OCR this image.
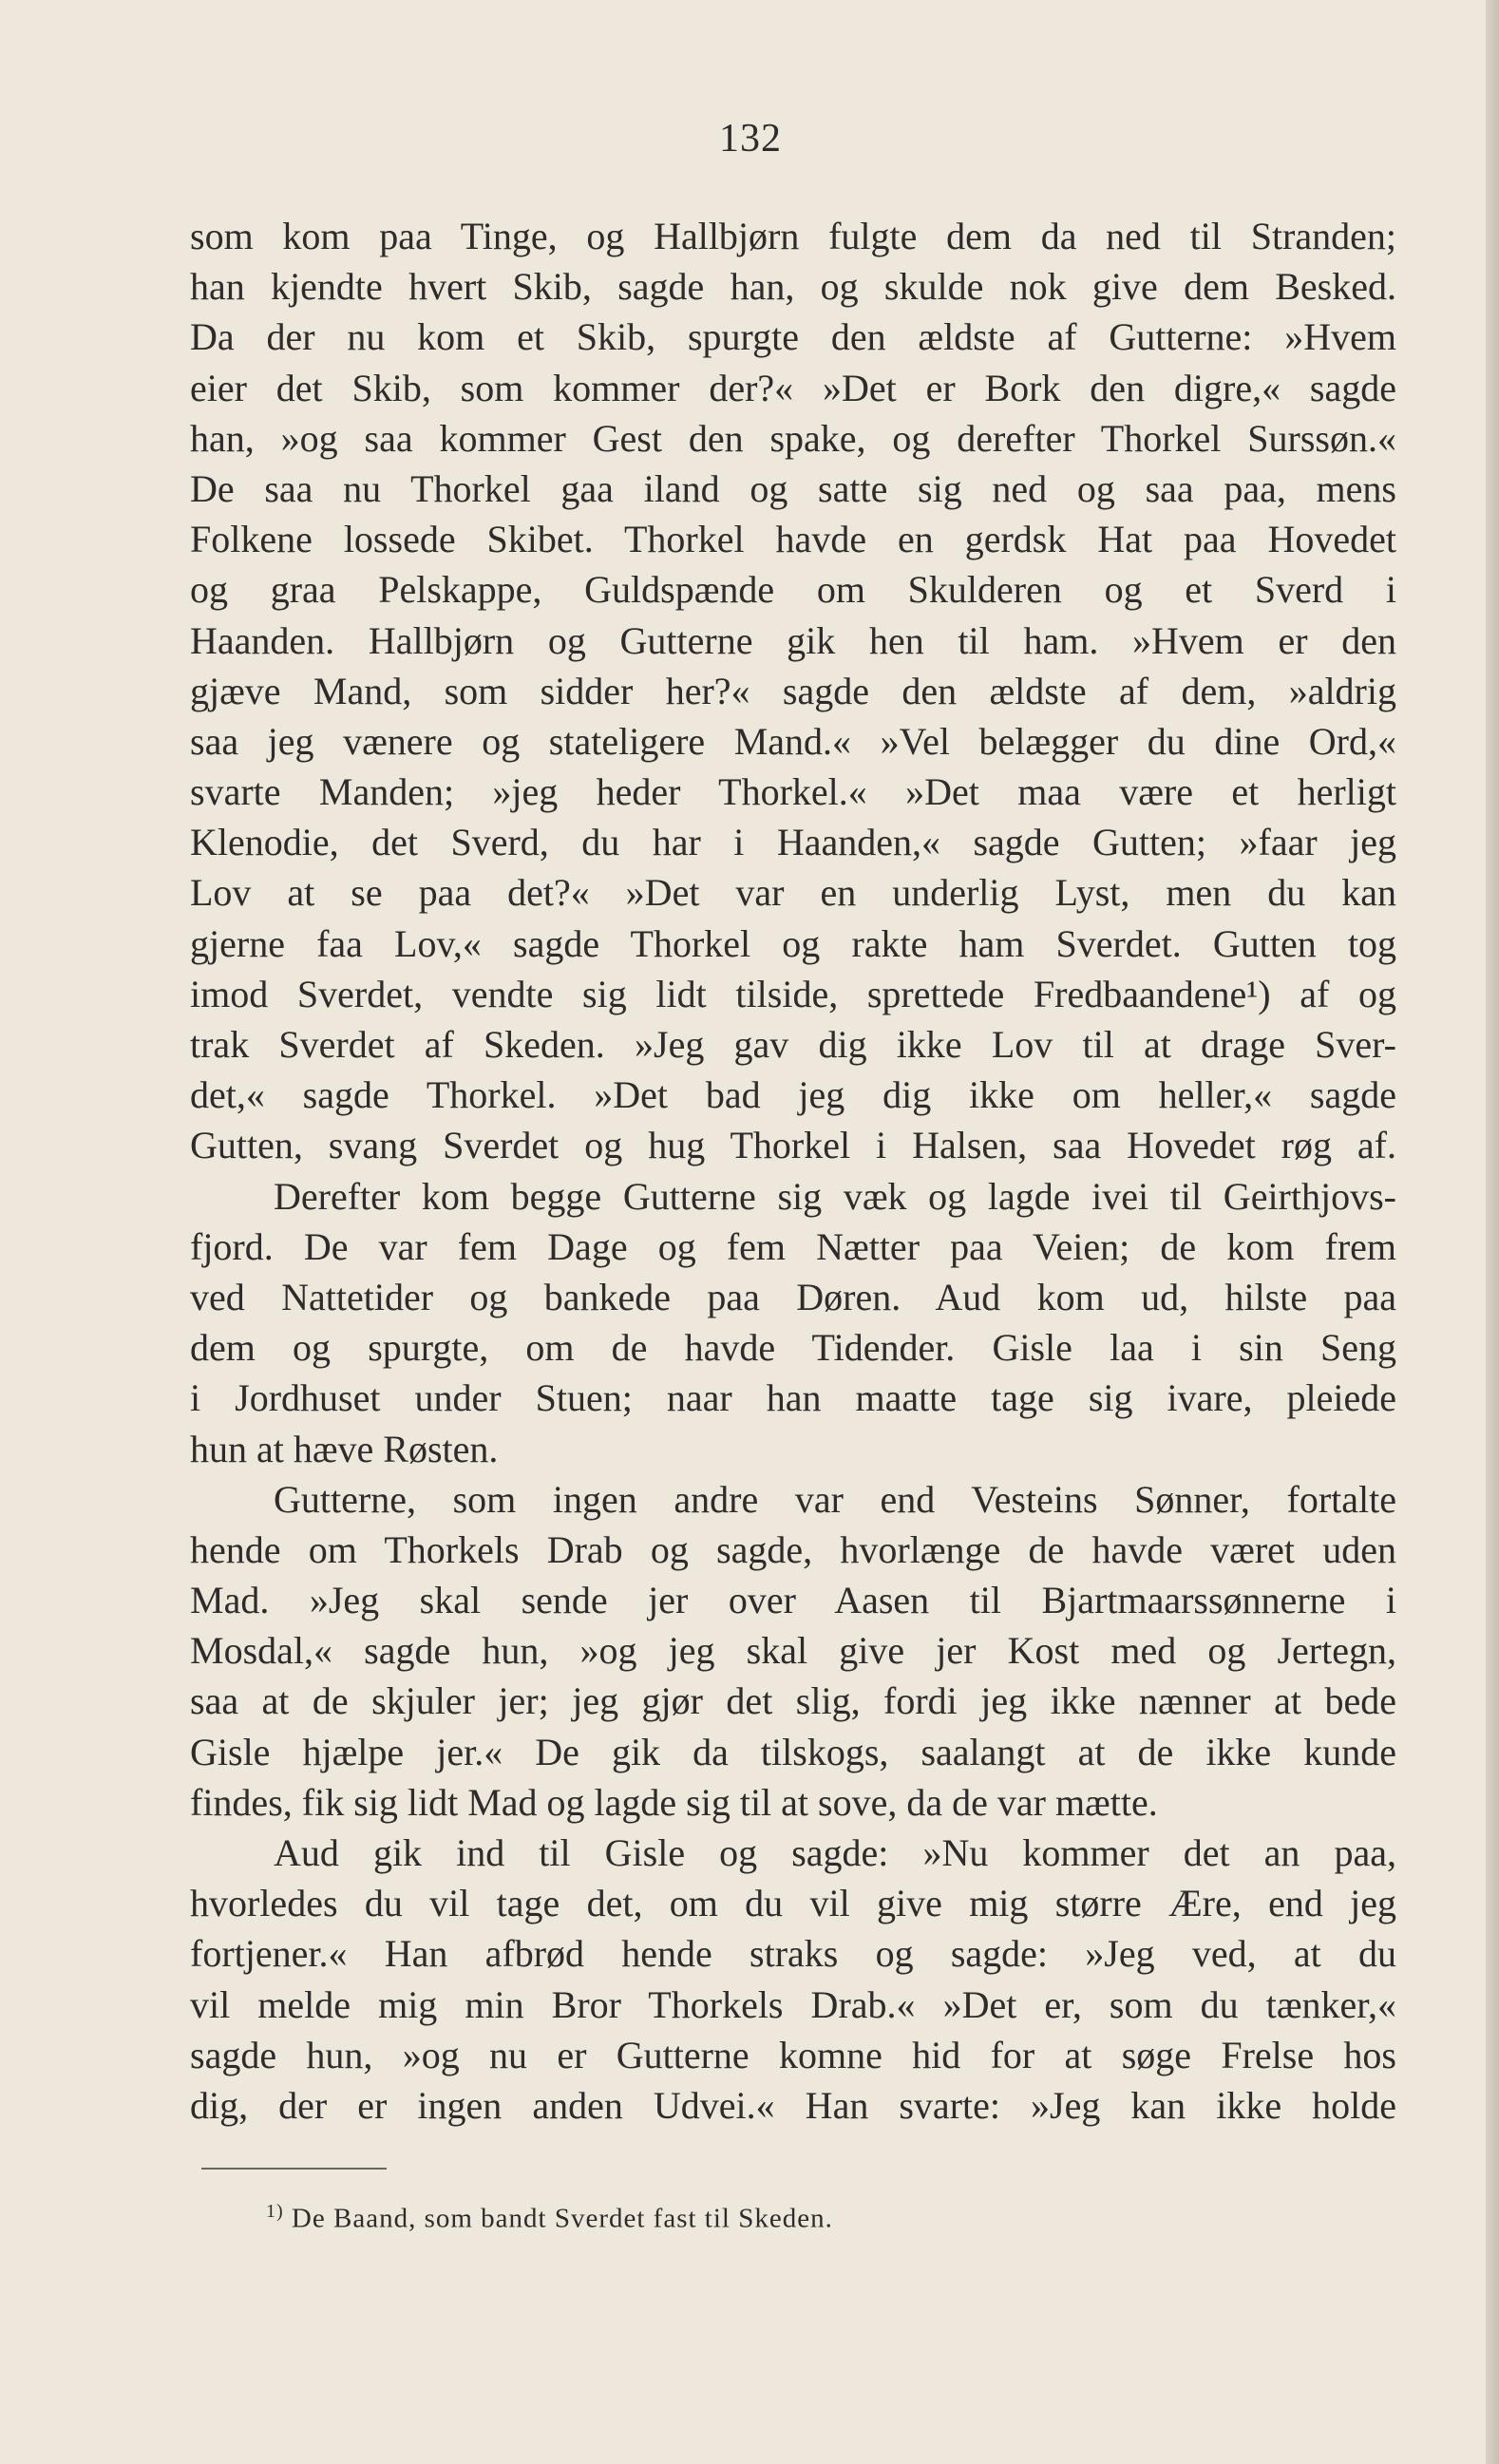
132
som kom paa Tinge, og Hallbjørn fulgte dem da ned til Stranden;
han kjendte hvert Skib, sagde han, og skulde nok give dem Besked.
Da der nu kom et Skib, spurgte den ældste af Gutterne: »Hvem
eier det Skib, som kommer der?« »Det er Bork den digre,« sagde
han, »og saa kommer Gest den spake, og derefter Thorkel Surssøn.«
De saa nu Thorkel gaa iland og satte sig ned og saa paa, mens
Folkene lossede Skibet. Thorkel havde en gerdsk Hat paa Hovedet
og graa Pelskappe, Guldspænde om Skulderen og et Sverd i
Haanden. Hallbjørn og Gutterne gik hen til ham. »Hvem er den
gjæve Mand, som sidder her?« sagde den ældste af dem, »aldrig
saa jeg vænere og stateligere Mand.« »Vel belægger du dine Ord,«
svarte Manden; »jeg heder Thorkel.« »Det maa være et herligt
Klenodie, det Sverd, du har i Haanden,« sagde Gutten; »faar jeg
Lov at se paa det?« »Det var en underlig Lyst, men du kan
gjerne faa Lov,« sagde Thorkel og rakte ham Sverdet. Gutten tog
imod Sverdet, vendte sig lidt tilside, sprettede Fredbaandene¹) af og
trak Sverdet af Skeden. »Jeg gav dig ikke Lov til at drage Sver-
det,« sagde Thorkel. »Det bad jeg dig ikke om heller,« sagde
Gutten, svang Sverdet og hug Thorkel i Halsen, saa Hovedet røg af.
Derefter kom begge Gutterne sig væk og lagde ivei til Geirthjovs-
fjord. De var fem Dage og fem Nætter paa Veien; de kom frem
ved Nattetider og bankede paa Døren. Aud kom ud, hilste paa
dem og spurgte, om de havde Tidender. Gisle laa i sin Seng
i Jordhuset under Stuen; naar han maatte tage sig ivare, pleiede
hun at hæve Røsten.
Gutterne, som ingen andre var end Vesteins Sønner, fortalte
hende om Thorkels Drab og sagde, hvorlænge de havde været uden
Mad. »Jeg skal sende jer over Aasen til Bjartmaarssønnerne i
Mosdal,« sagde hun, »og jeg skal give jer Kost med og Jertegn,
saa at de skjuler jer; jeg gjør det slig, fordi jeg ikke nænner at bede
Gisle hjælpe jer.« De gik da tilskogs, saalangt at de ikke kunde
findes, fik sig lidt Mad og lagde sig til at sove, da de var mætte.
Aud gik ind til Gisle og sagde: »Nu kommer det an paa,
hvorledes du vil tage det, om du vil give mig større Ære, end jeg
fortjener.« Han afbrød hende straks og sagde: »Jeg ved, at du
vil melde mig min Bror Thorkels Drab.« »Det er, som du tænker,«
sagde hun, »og nu er Gutterne komne hid for at søge Frelse hos
dig, der er ingen anden Udvei.« Han svarte: »Jeg kan ikke holde
$^{1)}$ De Baand, som bandt Sverdet fast til Skeden.
